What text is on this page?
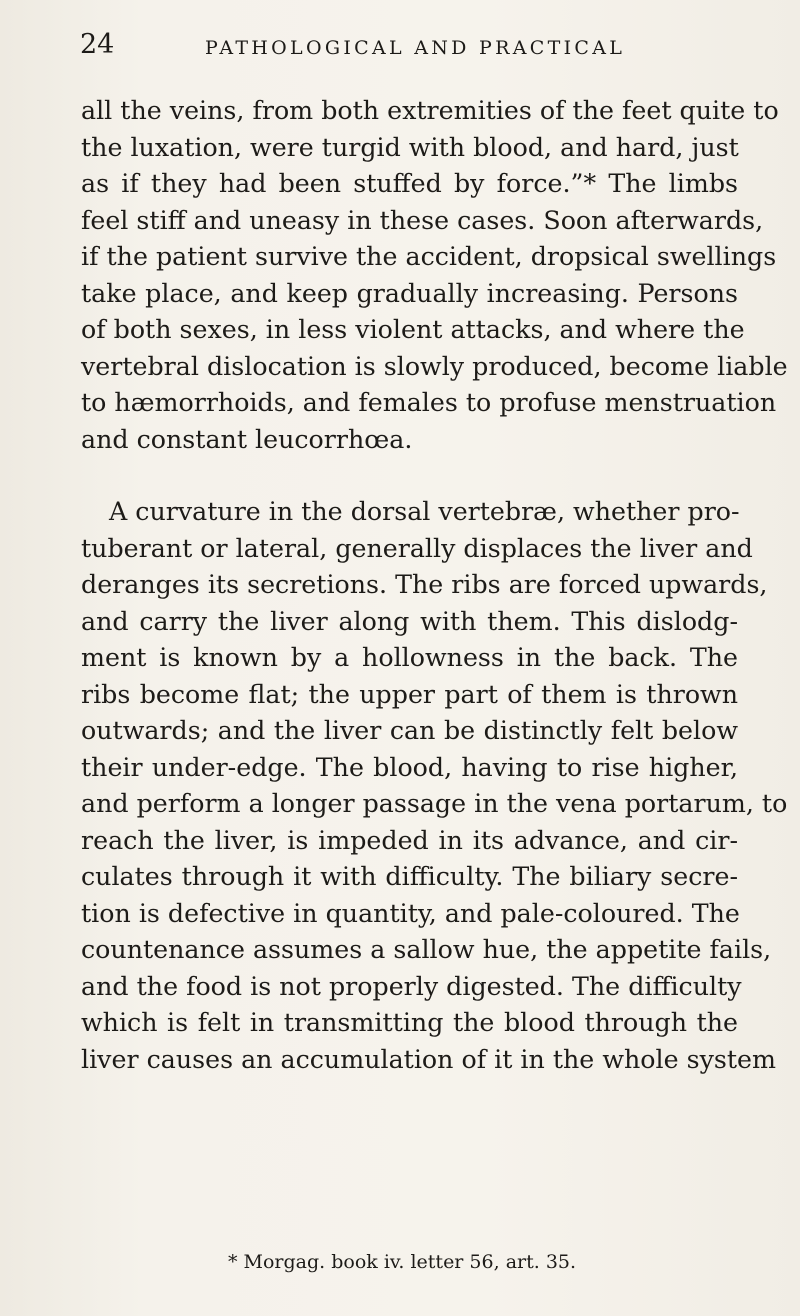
24	PATHOLOGICAL AND PRACTICAL
all the veins, from both extremities of the feet quite to
the luxation, were turgid with blood, and hard, just
as if they had been stuffed by force.”* The limbs
feel stiff and uneasy in these cases. Soon afterwards,
if the patient survive the accident, dropsical swellings
take place, and keep gradually increasing. Persons
of both sexes, in less violent attacks, and where the
vertebral dislocation is slowly produced, become liable
to hæmorrhoids, and females to profuse menstruation
and constant leucorrhœa.
A curvature in the dorsal vertebræ, whether pro-
tuberant or lateral, generally displaces the liver and
deranges its secretions. The ribs are forced upwards,
and carry the liver along with them. This dislodg-
ment is known by a hollowness in the back. The
ribs become flat; the upper part of them is thrown
outwards; and the liver can be distinctly felt below
their under-edge. The blood, having to rise higher,
and perform a longer passage in the vena portarum, to
reach the liver, is impeded in its advance, and cir-
culates through it with difficulty. The biliary secre-
tion is defective in quantity, and pale-coloured. The
countenance assumes a sallow hue, the appetite fails,
and the food is not properly digested. The difficulty
which is felt in transmitting the blood through the
liver causes an accumulation of it in the whole system
* Morgag. book iv. letter 56, art. 35.
